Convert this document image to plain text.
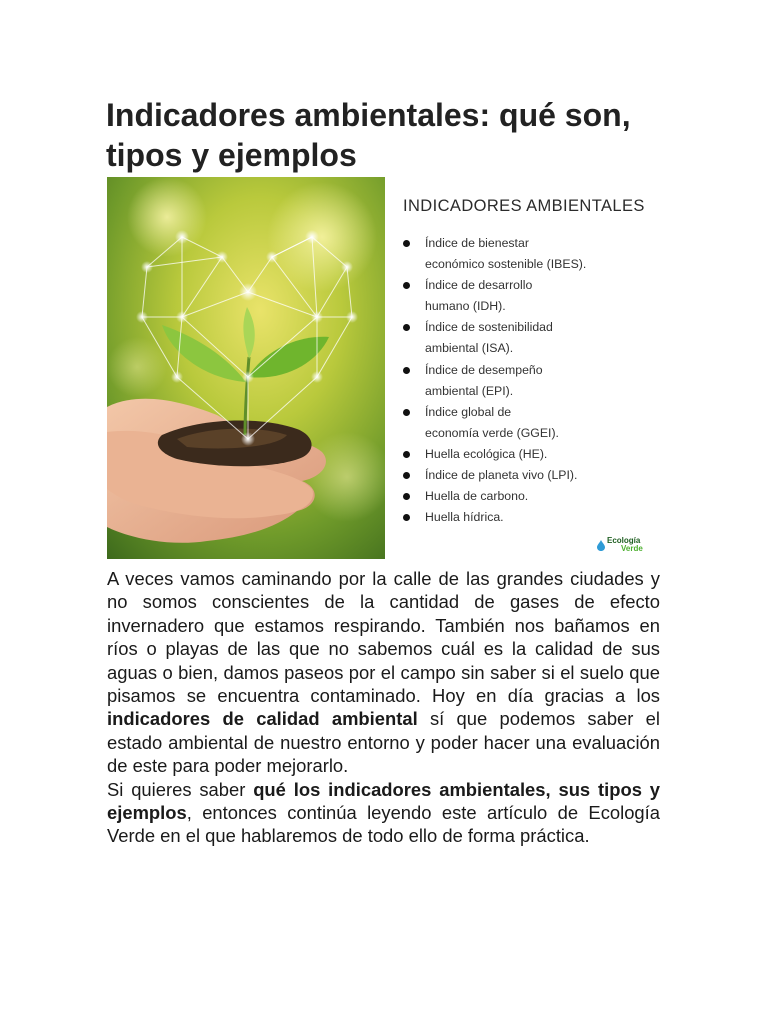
Indicadores ambientales: qué son, tipos y ejemplos
INDICADORES AMBIENTALES
Índice de bienestar
económico sostenible (IBES).
Índice de desarrollo
humano (IDH).
Índice de sostenibilidad
ambiental (ISA).
Índice de desempeño
ambiental (EPI).
Índice global de
economía verde (GGEI).
Huella ecológica (HE).
Índice de planeta vivo (LPI).
Huella de carbono.
Huella hídrica.
Ecología
Verde

A veces vamos caminando por la calle de las grandes ciudades y no somos conscientes de la cantidad de gases de efecto invernadero que estamos respirando. También nos bañamos en ríos o playas de las que no sabemos cuál es la calidad de sus aguas o bien, damos paseos por el campo sin saber si el suelo que pisamos se encuentra contaminado. Hoy en día gracias a los indicadores de calidad ambiental sí que podemos saber el estado ambiental de nuestro entorno y poder hacer una evaluación de este para poder mejorarlo.
Si quieres saber qué los indicadores ambientales, sus tipos y ejemplos, entonces continúa leyendo este artículo de Ecología Verde en el que hablaremos de todo ello de forma práctica.
